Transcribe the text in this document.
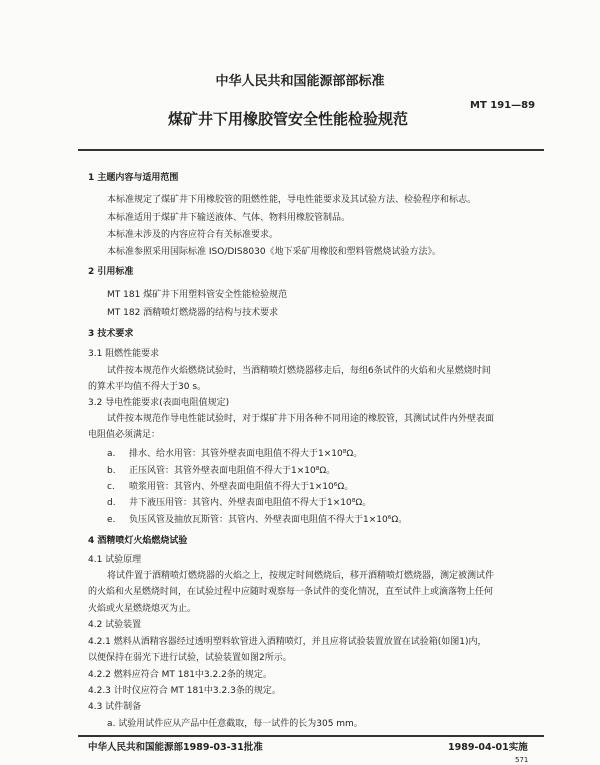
中华人民共和国能源部部标准
煤矿井下用橡胶管安全性能检验规范
MT 191—89
1 主题内容与适用范围
本标准规定了煤矿井下用橡胶管的阻燃性能，导电性能要求及其试验方法、检验程序和标志。
本标准适用于煤矿井下输送液体、气体、物料用橡胶管制品。
本标准未涉及的内容应符合有关标准要求。
本标准参照采用国际标准 ISO/DIS8030《地下采矿用橡胶和塑料管燃烧试验方法》。
2 引用标准
MT 181 煤矿井下用塑料管安全性能检验规范
MT 182 酒精喷灯燃烧器的结构与技术要求
3 技术要求
3.1 阻燃性能要求
试件按本规范作火焰燃烧试验时，当酒精喷灯燃烧器移走后，每组6条试件的火焰和火星燃烧时间
的算术平均值不得大于30 s。
3.2 导电性能要求(表面电阻值规定)
试件按本规范作导电性能试验时，对于煤矿井下用各种不同用途的橡胶管，其测试试件内外壁表面
电阻值必须满足：
a. 排水、给水用管：其管外壁表面电阻值不得大于1×10⁸Ω。
b. 正压风管：其管外壁表面电阻值不得大于1×10⁸Ω。
c. 喷浆用管：其管内、外壁表面电阻值不得大于1×10⁶Ω。
d. 井下液压用管：其管内、外壁表面电阻值不得大于1×10⁸Ω。
e. 负压风管及抽放瓦斯管：其管内、外壁表面电阻值不得大于1×10⁶Ω。
4 酒精喷灯火焰燃烧试验
4.1 试验原理
将试件置于酒精喷灯燃烧器的火焰之上，按规定时间燃烧后，移开酒精喷灯燃烧器，测定被测试件
的火焰和火星燃烧时间，在试验过程中应随时观察每一条试件的变化情况，直至试件上或滴落物上任何
火焰或火星燃烧熄灭为止。
4.2 试验装置
4.2.1 燃料从酒精容器经过透明塑料软管进入酒精喷灯，并且应将试验装置放置在试验箱(如图1)内，
以便保持在弱光下进行试验，试验装置如图2所示。
4.2.2 燃料应符合 MT 181中3.2.2条的规定。
4.2.3 计时仪应符合 MT 181中3.2.3条的规定。
4.3 试件制备
a. 试验用试件应从产品中任意截取，每一试件的长为305 mm。
中华人民共和国能源部1989-03-31批准	1989-04-01实施
571
